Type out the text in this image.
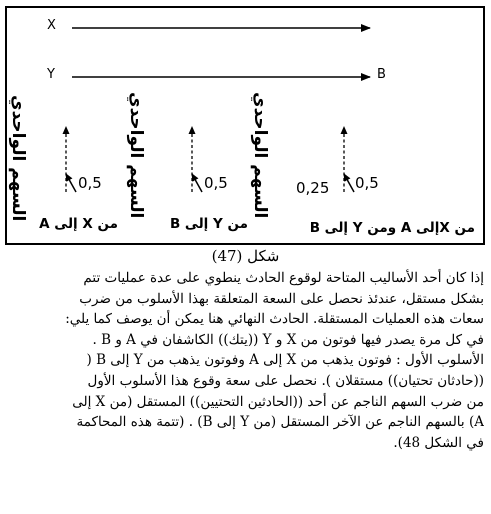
X
Y	B
السهم الواحدي	السهم الواحدي	السهم الواحدي
0,5	0,5	0,25 0,5
من X إلى A	من Y إلى B	من Xإلى A ومن Y إلى B
شكل (47)
إذا كان أحد الأساليب المتاحة لوقوع الحادث ينطوي على عدة عمليات تتم
بشكل مستقل، عندئذ نحصل على السعة المتعلقة بهذا الأسلوب من ضرب
سعات هذه العمليات المستقلة. الحادث النهائي هنا يمكن أن يوصف كما يلي:
في كل مرة يصدر فيها فوتون من X و Y ((يتك)) الكاشفان في A و B .
الأسلوب الأول : فوتون يذهب من X إلى A وفوتون يذهب من Y إلى B (
((حادثان تحتيان)) مستقلان ). نحصل على سعة وقوع هذا الأسلوب الأول
من ضرب السهم الناجم عن أحد ((الحادثين التحتيين)) المستقل (من X إلى
A) بالسهم الناجم عن الآخر المستقل (من Y إلى B) . (تتمة هذه المحاكمة
في الشكل 48).
